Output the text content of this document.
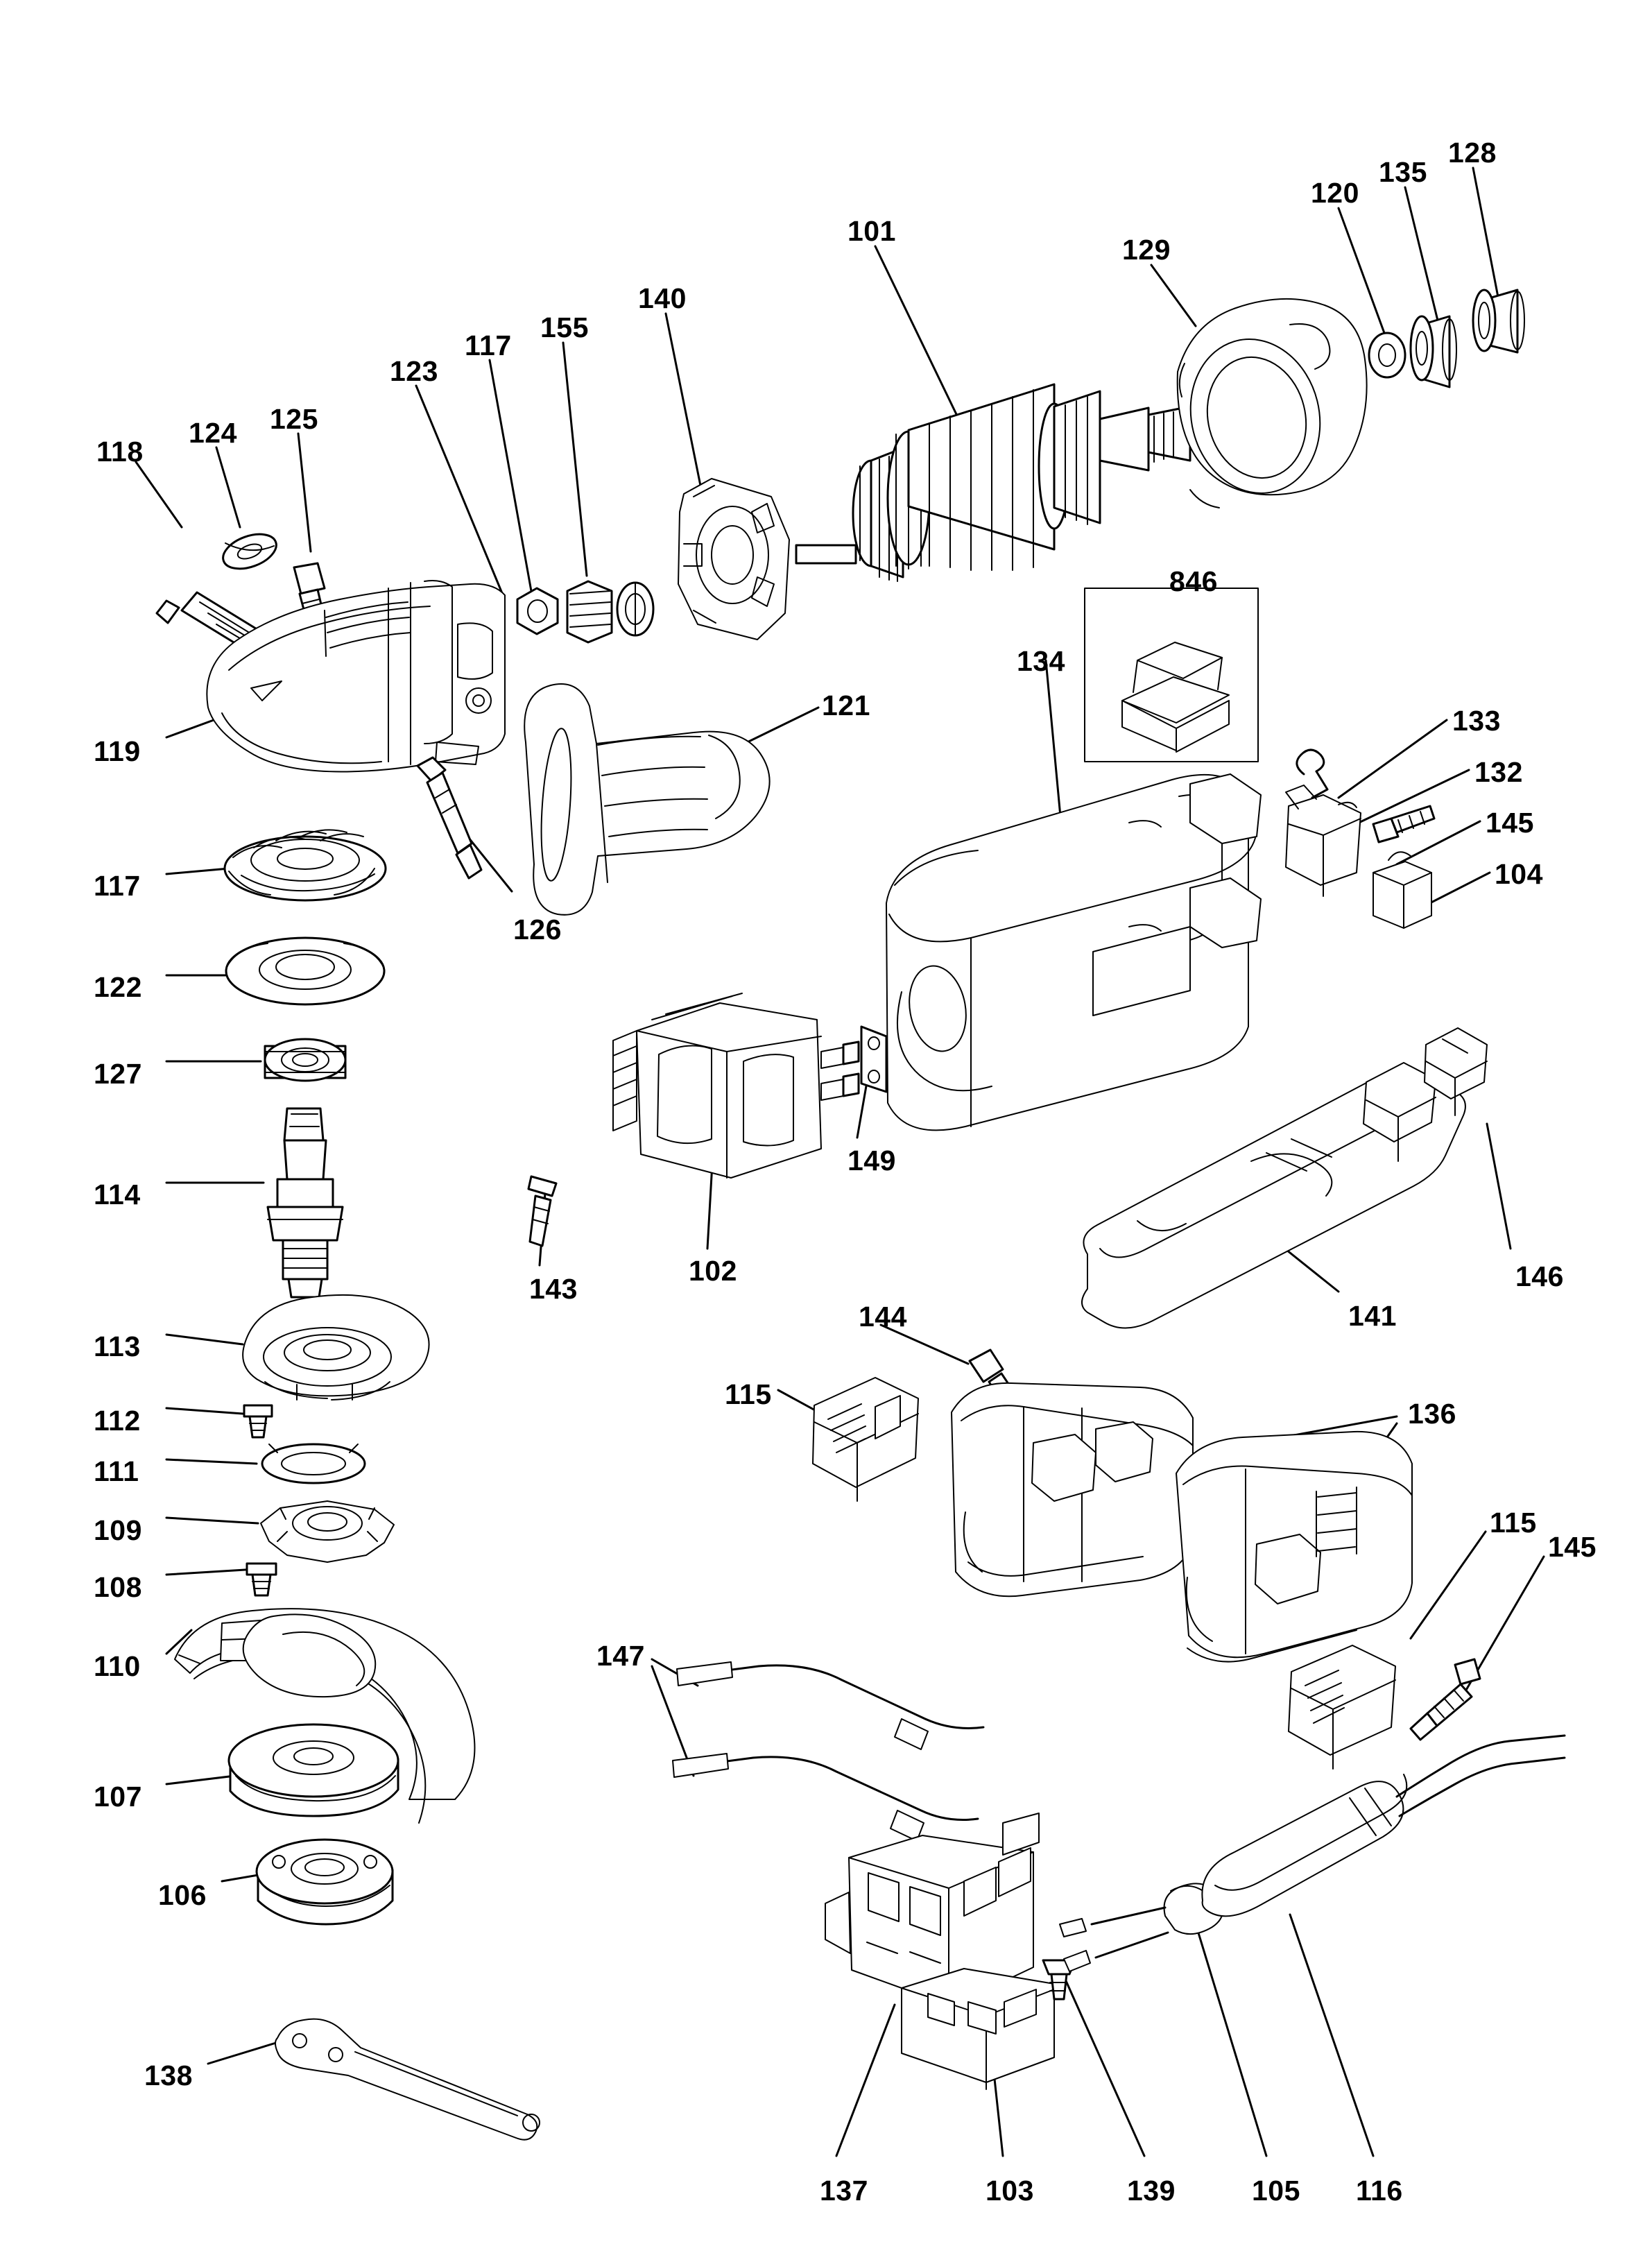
118
124 125
123
117
155
140
101
129
120
135
128
119
121
126
134
846
133
132
145
104
117
122
127
114
149
102
143
141
146
113
112
111
109
108
110
107
106
138
144
115
136
115
145
147
137	103	139	105 116
